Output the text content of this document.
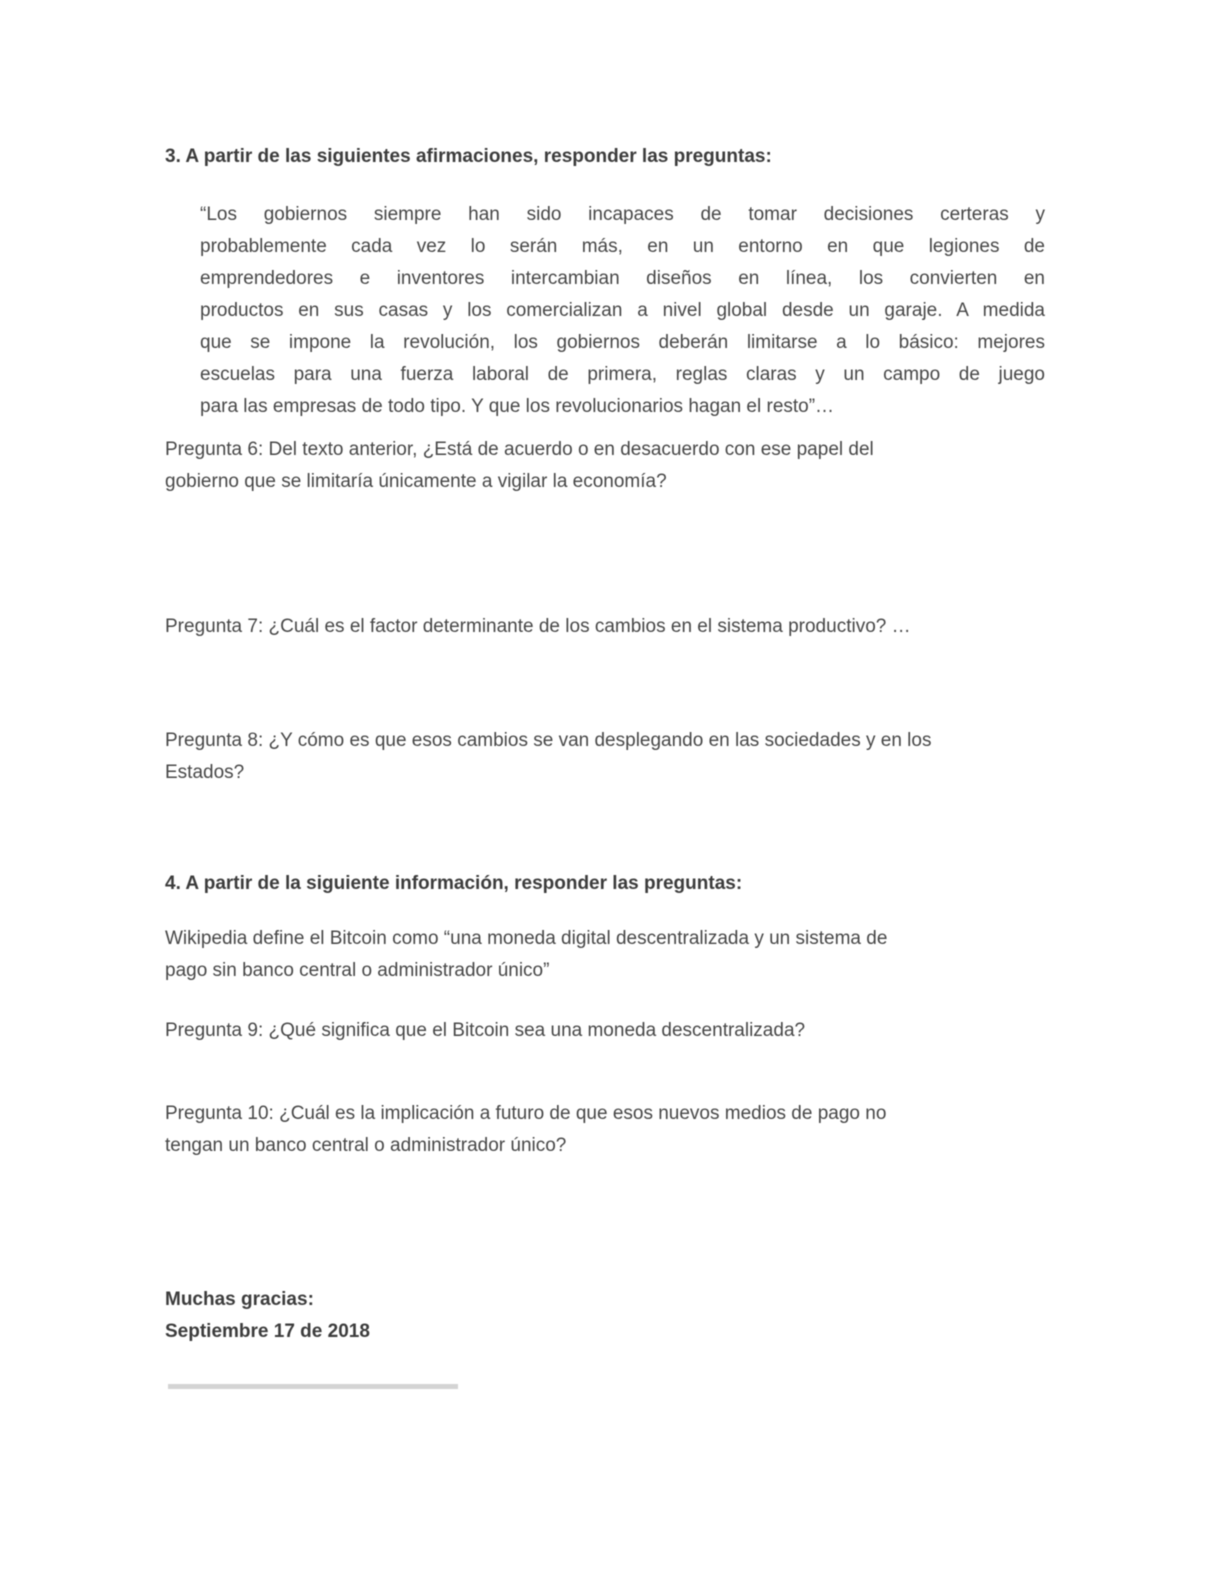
3. A partir de las siguientes afirmaciones, responder las preguntas:
“Los gobiernos siempre han sido incapaces de tomar decisiones certeras y
probablemente cada vez lo serán más, en un entorno en que legiones de
emprendedores e inventores intercambian diseños en línea, los convierten en
productos en sus casas y los comercializan a nivel global desde un garaje. A medida
que se impone la revolución, los gobiernos deberán limitarse a lo básico: mejores
escuelas para una fuerza laboral de primera, reglas claras y un campo de juego
para las empresas de todo tipo. Y que los revolucionarios hagan el resto”…
Pregunta 6: Del texto anterior, ¿Está de acuerdo o en desacuerdo con ese papel del
gobierno que se limitaría únicamente a vigilar la economía?
Pregunta 7: ¿Cuál es el factor determinante de los cambios en el sistema productivo? …
Pregunta 8: ¿Y cómo es que esos cambios se van desplegando en las sociedades y en los
Estados?
4. A partir de la siguiente información, responder las preguntas:
Wikipedia define el Bitcoin como “una moneda digital descentralizada y un sistema de
pago sin banco central o administrador único”
Pregunta 9: ¿Qué significa que el Bitcoin sea una moneda descentralizada?
Pregunta 10: ¿Cuál es la implicación a futuro de que esos nuevos medios de pago no
tengan un banco central o administrador único?
Muchas gracias:
Septiembre 17 de 2018
